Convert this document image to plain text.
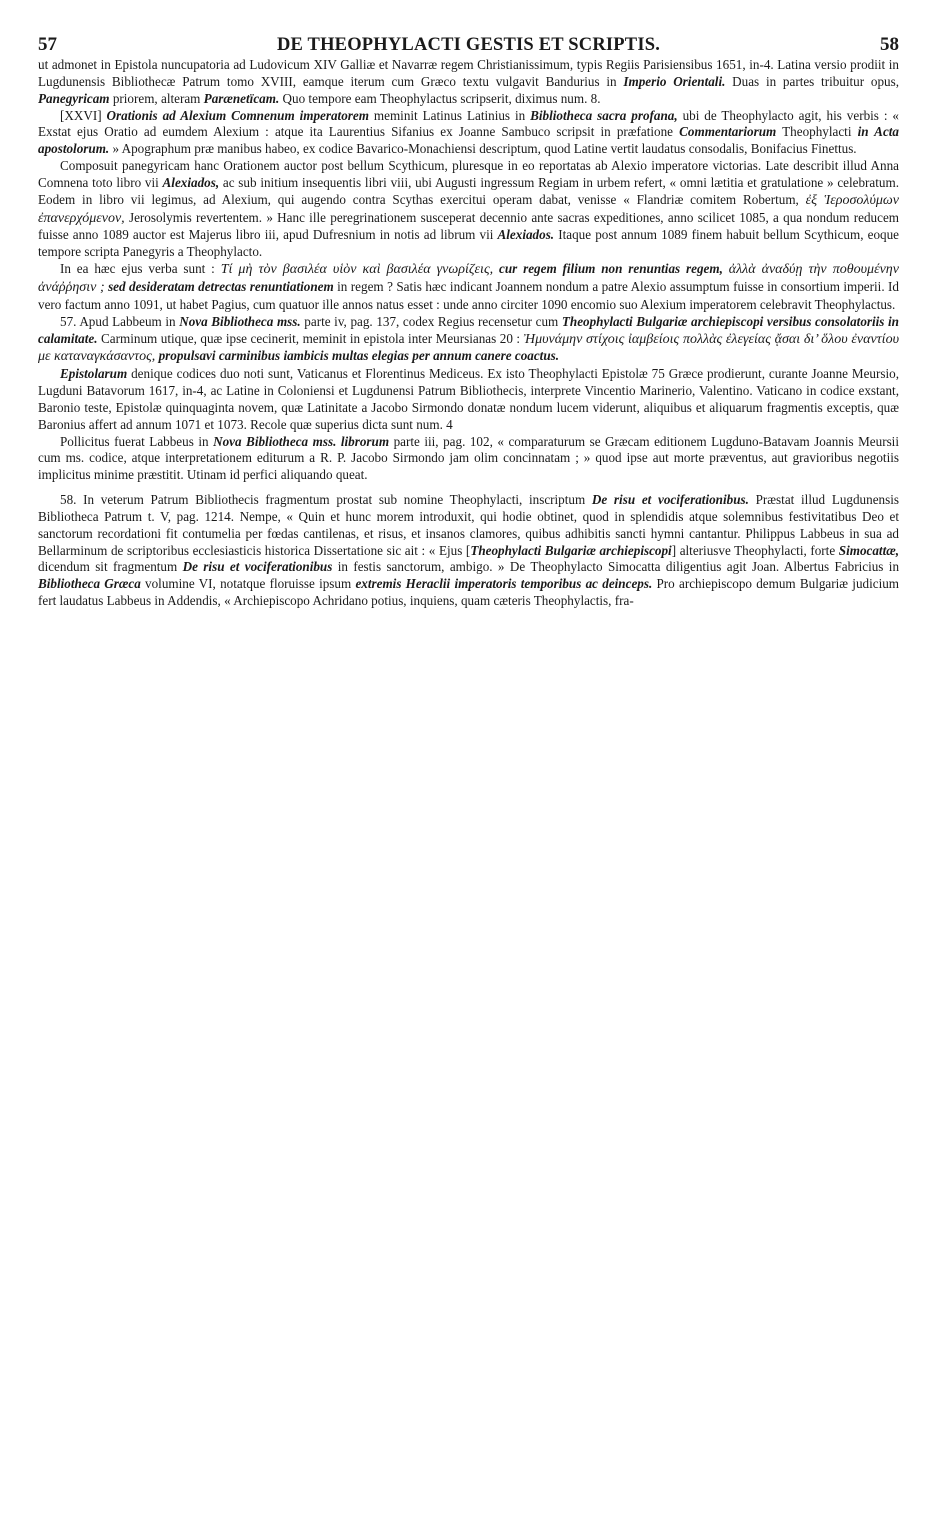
57	DE THEOPHYLACTI GESTIS ET SCRIPTIS.	58

ut admonet in Epistola nuncupatoria ad Ludovicum XIV Galliæ et Navarræ regem Christianissimum, typis Regiis Parisiensibus 1651, in-4. Latina versio prodiit in Lugdunensis Bibliothecæ Patrum tomo XVIII, eamque iterum cum Græco textu vulgavit Bandurius in Imperio Orientali. Duas in partes tribuitur opus, Panegyricam priorem, alteram Parænetïcam. Quo tempore eam Theophylactus scripserit, diximus num. 8.

[XXVI] Orationis ad Alexium Comnenum imperatorem meminit Latinus Latinius in Bibliotheca sacra profana, ubi de Theophylacto agit, his verbis : « Exstat ejus Oratio ad eumdem Alexium : atque ita Laurentius Sifanius ex Joanne Sambuco scripsit in præfatione Commentariorum Theophylacti in Acta apostolorum. » Apographum præ manibus habeo, ex codice Bavarico-Monachiensi descriptum, quod Latine vertit laudatus consodalis, Bonifacius Finettus.

Composuit panegyricam hanc Orationem auctor post bellum Scythicum, pluresque in eo reportatas ab Alexio imperatore victorias. Late describit illud Anna Comnena toto libro vii Alexiados, ac sub initium insequentis libri viii, ubi Augusti ingressum Regiam in urbem refert, « omni lætitia et gratulatione » celebratum. Eodem in libro vii legimus, ad Alexium, qui augendo contra Scythas exercitui operam dabat, venisse « Flandriæ comitem Robertum, ἐξ Ἱεροσολύμων ἐπανερχόμενον, Jerosolymis revertentem. » Hanc ille peregrinationem susceperat decennio ante sacras expeditiones, anno scilicet 1085, a qua nondum reducem fuisse anno 1089 auctor est Majerus libro iii, apud Dufresnium in notis ad librum vii Alexiados. Itaque post annum 1089 finem habuit bellum Scythicum, eoque tempore scripta Panegyris a Theophylacto.

In ea hæc ejus verba sunt : Τί μὴ τὸν βασιλέα υἱὸν καὶ βασιλέα γνωρίζεις, cur regem filium non renuntias regem, ἀλλὰ ἀναδύῃ τὴν ποθουμένην ἀνάῤῥησιν ; sed desideratam detrectas renuntiationem in regem ? Satis hæc indicant Joannem nondum a patre Alexio assumptum fuisse in consortium imperii. Id vero factum anno 1091, ut habet Pagius, cum quatuor ille annos natus esset : unde anno circiter 1090 encomio suo Alexium imperatorem celebravit Theophylactus.

57. Apud Labbeum in Nova Bibliotheca mss. parte iv, pag. 137, codex Regius recensetur cum Theophylacti Bulgariæ archiepiscopi versibus consolatoriis in calamitate. Carminum utique, quæ ipse cecinerit, meminit in epistola inter Meursianas 20 : Ἠμυνάμην στίχοις ἰαμβείοις πολλὰς ἐλεγείας ᾄσαι δι’ ὅλου ἐναντίου με καταναγκάσαντος, propulsavi carminibus iambicis multas elegias per annum canere coactus.

Epistolarum denique codices duo noti sunt, Vaticanus et Florentinus Mediceus. Ex isto Theophylacti Epistolæ 75 Græce prodierunt, curante Joanne Meursio, Lugduni Batavorum 1617, in-4, ac Latine in Coloniensi et Lugdunensi Patrum Bibliothecis, interprete Vincentio Marinerio, Valentino. Vaticano in codice exstant, Baronio teste, Epistolæ quinquaginta novem, quæ Latinitate a Jacobo Sirmondo donatæ nondum lucem viderunt, aliquibus et aliquarum fragmentis exceptis, quæ Baronius affert ad annum 1071 et 1073. Recole quæ superius dicta sunt num. 4

Pollicitus fuerat Labbeus in Nova Bibliotheca mss. librorum parte iii, pag. 102, « comparaturum se Græcam editionem Lugduno-Batavam Joannis Meursii cum ms. codice, atque interpretationem editurum a R. P. Jacobo Sirmondo jam olim concinnatam ; » quod ipse aut morte præventus, aut gravioribus negotiis implicitus minime præstitit. Utinam id perfici aliquando queat.

58. In veterum Patrum Bibliothecis fragmentum prostat sub nomine Theophylacti, inscriptum De risu et vociferationibus. Præstat illud Lugdunensis Bibliotheca Patrum t. V, pag. 1214. Nempe, « Quin et hunc morem introduxit, qui hodie obtinet, quod in splendidis atque solemnibus festivitatibus Deo et sanctorum recordationi fit contumelia per fœdas cantilenas, et risus, et insanos clamores, quibus adhibitis sancti hymni cantantur. Philippus Labbeus in sua ad Bellarminum de scriptoribus ecclesiasticis historica Dissertatione sic ait : « Ejus [Theophylacti Bulgariæ archiepiscopi] alteriusve Theophylacti, forte Simocattæ, dicendum sit fragmentum De risu et vociferationibus in festis sanctorum, ambigo. » De Theophylacto Simocatta diligentius agit Joan. Albertus Fabricius in Bibliotheca Græca volumine VI, notatque floruisse ipsum extremis Heraclii imperatoris temporibus ac deinceps. Pro archiepiscopo demum Bulgariæ judicium fert laudatus Labbeus in Addendis, « Archiepiscopo Achridano potius, inquiens, quam cæteris Theophylactis, fra-
